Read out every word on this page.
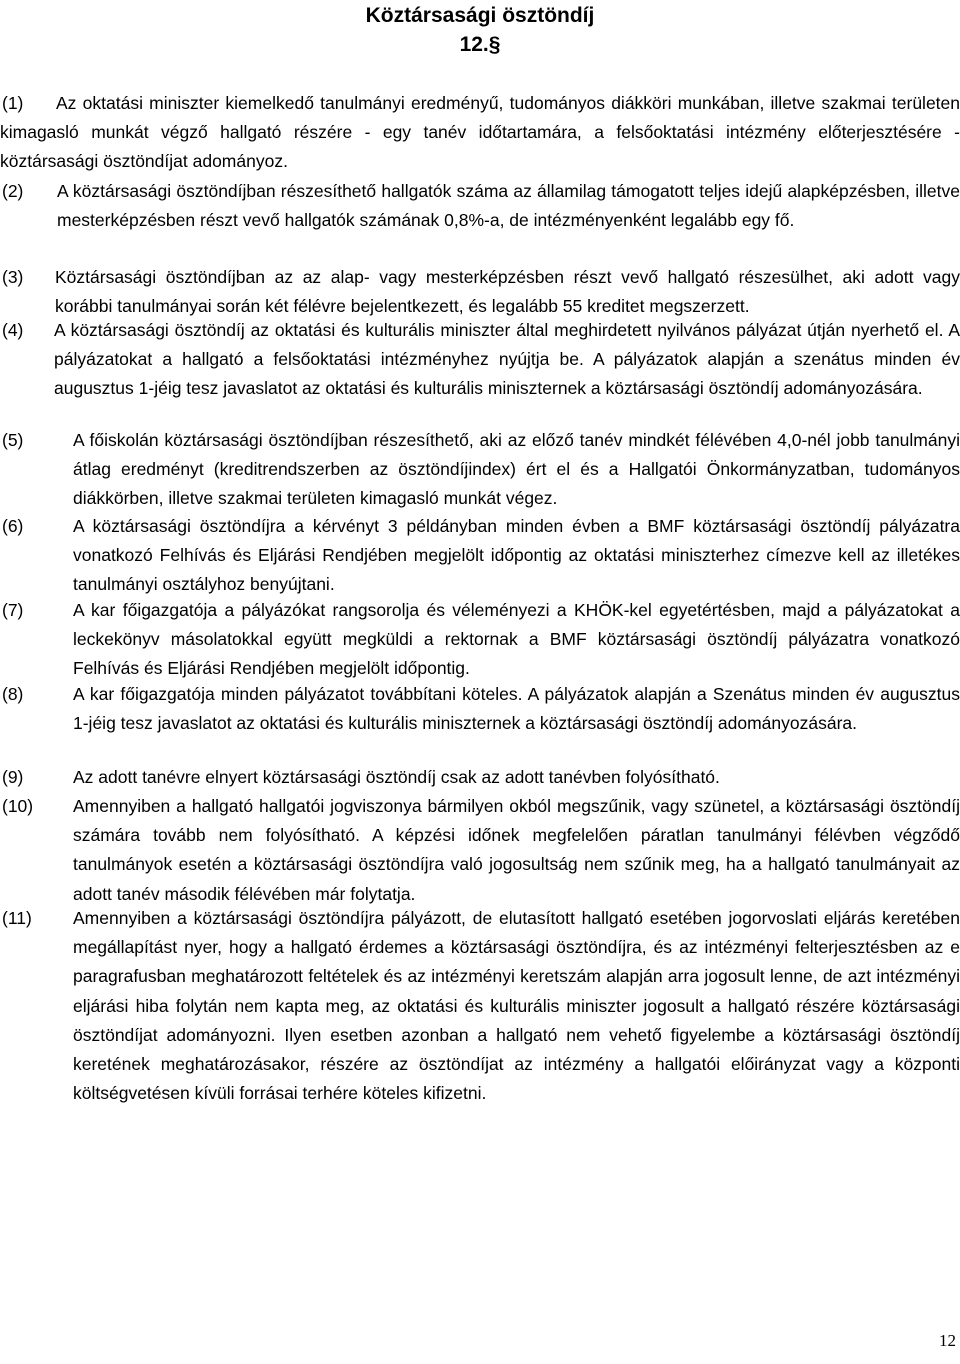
Köztársasági ösztöndíj
12.§
(1)	Az oktatási miniszter kiemelkedő tanulmányi eredményű, tudományos diákköri munkában, illetve szakmai területen kimagasló munkát végző hallgató részére - egy tanév időtartamára, a felsőoktatási intézmény előterjesztésére - köztársasági ösztöndíjat adományoz.
(2)	A köztársasági ösztöndíjban részesíthető hallgatók száma az államilag támogatott teljes idejű alapképzésben, illetve mesterképzésben részt vevő hallgatók számának 0,8%-a, de intézményenként legalább egy fő.
(3)	Köztársasági ösztöndíjban az az alap- vagy mesterképzésben részt vevő hallgató részesülhet, aki adott vagy korábbi tanulmányai során két félévre bejelentkezett, és legalább 55 kreditet megszerzett.
(4)	A köztársasági ösztöndíj az oktatási és kulturális miniszter által meghirdetett nyilvános pályázat útján nyerhető el. A pályázatokat a hallgató a felsőoktatási intézményhez nyújtja be. A pályázatok alapján a szenátus minden év augusztus 1-jéig tesz javaslatot az oktatási és kulturális miniszternek a köztársasági ösztöndíj adományozására.
(5)	A főiskolán köztársasági ösztöndíjban részesíthető, aki az előző tanév mindkét félévében 4,0-nél jobb tanulmányi átlag eredményt (kreditrendszerben az ösztöndíjindex) ért el és a Hallgatói Önkormányzatban, tudományos diákkörben, illetve szakmai területen kimagasló munkát végez.
(6)	A köztársasági ösztöndíjra a kérvényt 3 példányban minden évben a BMF köztársasági ösztöndíj pályázatra vonatkozó Felhívás és Eljárási Rendjében megjelölt időpontig az oktatási miniszterhez címezve kell az illetékes tanulmányi osztályhoz benyújtani.
(7)	A kar főigazgatója a pályázókat rangsorolja és véleményezi a KHÖK-kel egyetértésben, majd a pályázatokat a leckekönyv másolatokkal együtt megküldi a rektornak a BMF köztársasági ösztöndíj pályázatra vonatkozó Felhívás és Eljárási Rendjében megjelölt időpontig.
(8)	A kar főigazgatója minden pályázatot továbbítani köteles. A pályázatok alapján a Szenátus minden év augusztus 1-jéig tesz javaslatot az oktatási és kulturális miniszternek a köztársasági ösztöndíj adományozására.
(9)	Az adott tanévre elnyert köztársasági ösztöndíj csak az adott tanévben folyósítható.
(10)	Amennyiben a hallgató hallgatói jogviszonya bármilyen okból megszűnik, vagy szünetel, a köztársasági ösztöndíj számára tovább nem folyósítható. A képzési időnek megfelelően páratlan tanulmányi félévben végződő tanulmányok esetén a köztársasági ösztöndíjra való jogosultság nem szűnik meg, ha a hallgató tanulmányait az adott tanév második félévében már folytatja.
(11)	Amennyiben a köztársasági ösztöndíjra pályázott, de elutasított hallgató esetében jogorvoslati eljárás keretében megállapítást nyer, hogy a hallgató érdemes a köztársasági ösztöndíjra, és az intézményi felterjesztésben az e paragrafusban meghatározott feltételek és az intézményi keretszám alapján arra jogosult lenne, de azt intézményi eljárási hiba folytán nem kapta meg, az oktatási és kulturális miniszter jogosult a hallgató részére köztársasági ösztöndíjat adományozni. Ilyen esetben azonban a hallgató nem vehető figyelembe a köztársasági ösztöndíj keretének meghatározásakor, részére az ösztöndíjat az intézmény a hallgatói előirányzat vagy a központi költségvetésen kívüli forrásai terhére köteles kifizetni.
12
